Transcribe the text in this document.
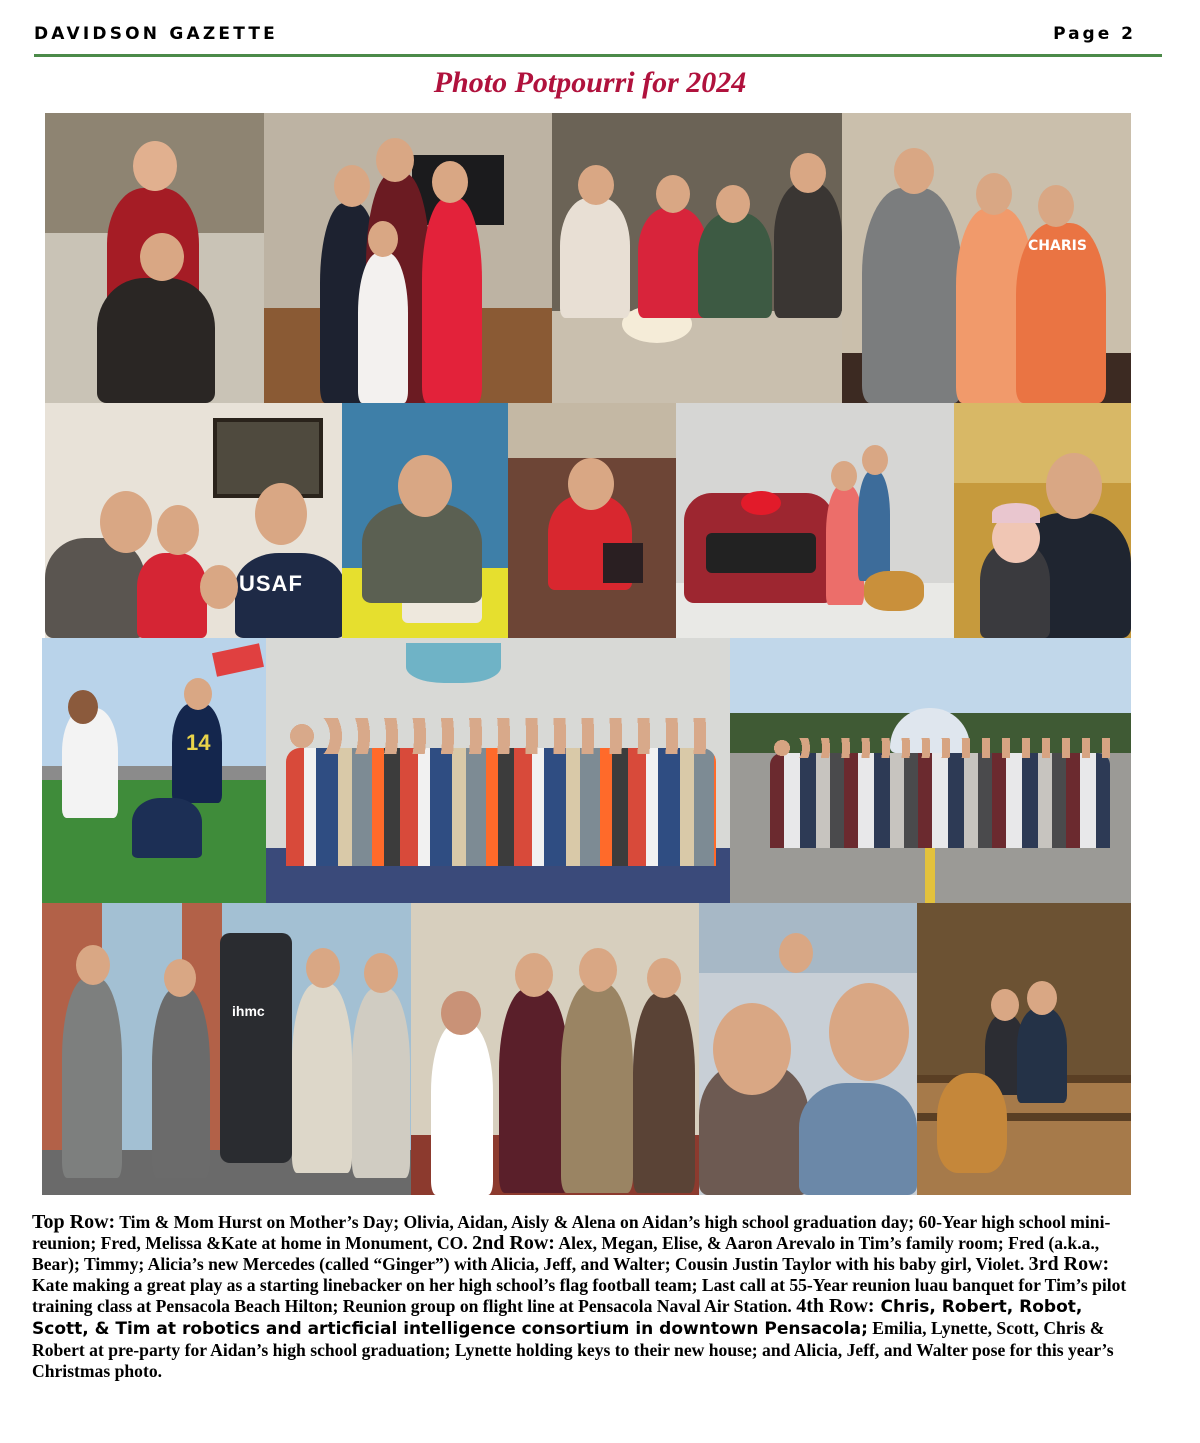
DAVIDSON GAZETTE	Page 2
Photo Potpourri for 2024
CHARIS
USAF
14
ihmc
Top Row: Tim & Mom Hurst on Mother’s Day; Olivia, Aidan, Aisly & Alena on Aidan’s high school graduation day; 60-Year high school mini-reunion; Fred, Melissa &Kate at home in Monument, CO. 2nd Row: Alex, Megan, Elise, & Aaron Arevalo in Tim’s family room; Fred (a.k.a., Bear); Timmy; Alicia’s new Mercedes (called “Ginger”) with Alicia, Jeff, and Walter; Cousin Justin Taylor with his baby girl, Violet. 3rd Row: Kate making a great play as a starting linebacker on her high school’s flag football team; Last call at 55-Year reunion luau banquet for Tim’s pilot training class at Pensacola Beach Hilton; Reunion group on flight line at Pensacola Naval Air Station. 4th Row: Chris, Robert, Robot, Scott, & Tim at robotics and articficial intelligence consortium in downtown Pensacola; Emilia, Lynette, Scott, Chris & Robert at pre-party for Aidan’s high school graduation; Lynette holding keys to their new house; and Alicia, Jeff, and Walter pose for this year’s Christmas photo.
